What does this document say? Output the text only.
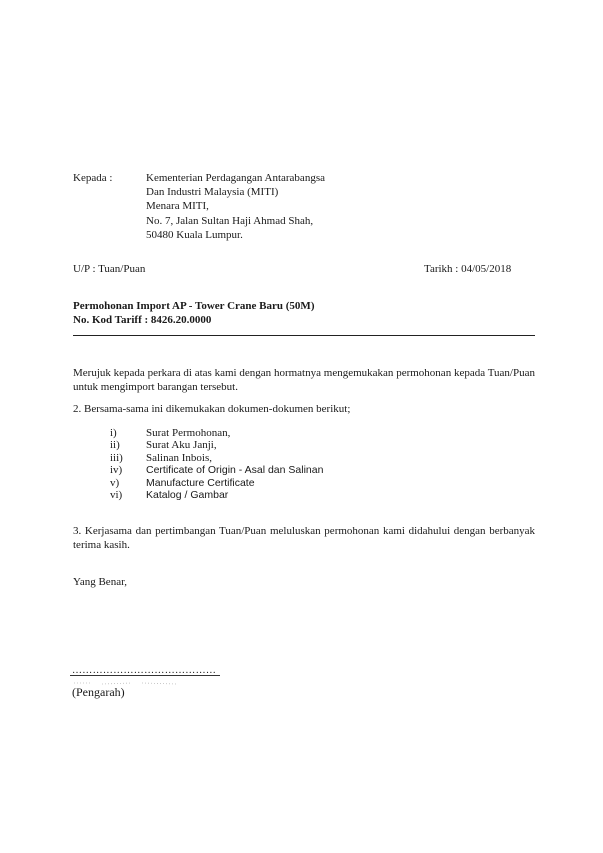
Kepada :	Kementerian Perdagangan Antarabangsa
Dan Industri Malaysia (MITI)
Menara MITI,
No. 7, Jalan Sultan Haji Ahmad Shah,
50480 Kuala Lumpur.
U/P : Tuan/Puan	Tarikh : 04/05/2018
Permohonan Import AP - Tower Crane Baru (50M)
No. Kod Tariff : 8426.20.0000
Merujuk kepada perkara di atas kami dengan hormatnya mengemukakan permohonan kepada Tuan/Puan untuk mengimport barangan tersebut.
2. Bersama-sama ini dikemukakan dokumen-dokumen berikut;
i)	Surat Permohonan,
ii)	Surat Aku Janji,
iii)	Salinan Inbois,
iv)	Certificate of Origin - Asal dan Salinan
v)	Manufacture Certificate
vi)	Katalog / Gambar
3. Kerjasama dan pertimbangan Tuan/Puan meluluskan permohonan kami didahului dengan berbanyak terima kasih.
Yang Benar,
……………………………………
(Pengarah)
